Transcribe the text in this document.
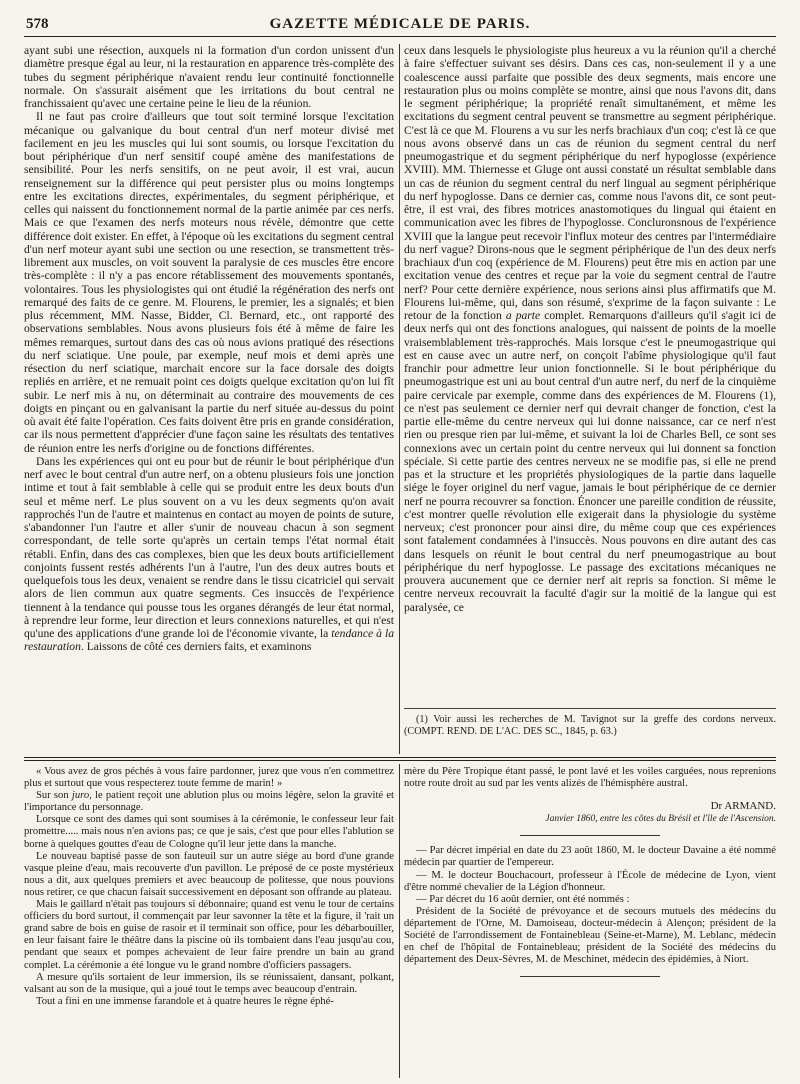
578	GAZETTE MÉDICALE DE PARIS.

ayant subi une résection, auxquels ni la formation d'un cordon unissent d'un diamètre presque égal au leur, ni la restauration en apparence très-complète des tubes du segment périphérique n'avaient rendu leur continuité fonctionnelle normale. On s'assurait aisément que les irritations du bout central ne franchissaient qu'avec une certaine peine le lieu de la réunion.

Il ne faut pas croire d'ailleurs que tout soit terminé lorsque l'excitation mécanique ou galvanique du bout central d'un nerf moteur divisé met facilement en jeu les muscles qui lui sont soumis, ou lorsque l'excitation du bout périphérique d'un nerf sensitif coupé amène des manifestations de sensibilité. Pour les nerfs sensitifs, on ne peut avoir, il est vrai, aucun renseignement sur la différence qui peut persister plus ou moins longtemps entre les excitations directes, expérimentales, du segment périphérique, et celles qui naissent du fonctionnement normal de la partie animée par ces nerfs. Mais ce que l'examen des nerfs moteurs nous révèle, démontre que cette différence doit exister. En effet, à l'époque où les excitations du segment central d'un nerf moteur ayant subi une section ou une resection, se transmettent très-librement aux muscles, on voit souvent la paralysie de ces muscles être encore très-complète : il n'y a pas encore rétablissement des mouvements spontanés, volontaires. Tous les physiologistes qui ont étudié la régénération des nerfs ont remarqué des faits de ce genre. M. Flourens, le premier, les a signalés; et bien plus récemment, MM. Nasse, Bidder, Cl. Bernard, etc., ont rapporté des observations semblables. Nous avons plusieurs fois été à même de faire les mêmes remarques, surtout dans des cas où nous avions pratiqué des résections du nerf sciatique. Une poule, par exemple, neuf mois et demi après une résection du nerf sciatique, marchait encore sur la face dorsale des doigts repliés en arrière, et ne remuait point ces doigts quelque excitation qu'on lui fît subir. Le nerf mis à nu, on déterminait au contraire des mouvements de ces doigts en pinçant ou en galvanisant la partie du nerf située au-dessus du point où avait été faite l'opération. Ces faits doivent être pris en grande considération, car ils nous permettent d'apprécier d'une façon saine les résultats des tentatives de réunion entre les nerfs d'origine ou de fonctions différentes.

Dans les expériences qui ont eu pour but de réunir le bout périphérique d'un nerf avec le bout central d'un autre nerf, on a obtenu plusieurs fois une jonction intime et tout à fait semblable à celle qui se produit entre les deux bouts d'un seul et même nerf. Le plus souvent on a vu les deux segments qu'on avait rapprochés l'un de l'autre et maintenus en contact au moyen de points de suture, s'abandonner l'un l'autre et aller s'unir de nouveau chacun à son segment correspondant, de telle sorte qu'après un certain temps l'état normal était rétabli. Enfin, dans des cas complexes, bien que les deux bouts artificiellement conjoints fussent restés adhérents l'un à l'autre, l'un des deux autres bouts et quelquefois tous les deux, venaient se rendre dans le tissu cicatriciel qui servait alors de lien commun aux quatre segments. Ces insuccès de l'expérience tiennent à la tendance qui pousse tous les organes dérangés de leur état normal, à reprendre leur forme, leur direction et leurs connexions naturelles, et qui n'est qu'une des applications d'une grande loi de l'économie vivante, la tendance à la restauration. Laissons de côté ces derniers faits, et examinons

ceux dans lesquels le physiologiste plus heureux a vu la réunion qu'il a cherché à faire s'effectuer suivant ses désirs. Dans ces cas, non-seulement il y a une coalescence aussi parfaite que possible des deux segments, mais encore une restauration plus ou moins complète se montre, ainsi que nous l'avons dit, dans le segment périphérique; la propriété renaît simultanément, et même les excitations du segment central peuvent se transmettre au segment périphérique. C'est là ce que M. Flourens a vu sur les nerfs brachiaux d'un coq; c'est là ce que nous avons observé dans un cas de réunion du segment central du nerf pneumogastrique et du segment périphérique du nerf hypoglosse (expérience XVIII). MM. Thiernesse et Gluge ont aussi constaté un résultat semblable dans un cas de réunion du segment central du nerf lingual au segment périphérique du nerf hypoglosse. Dans ce dernier cas, comme nous l'avons dit, ce sont peut-être, il est vrai, des fibres motrices anastomotiques du lingual qui étaient en communication avec les fibres de l'hypoglosse. Concluronsnous de l'expérience XVIII que la langue peut recevoir l'influx moteur des centres par l'intermédiaire du nerf vague? Dirons-nous que le segment périphérique de l'un des deux nerfs brachiaux d'un coq (expérience de M. Flourens) peut être mis en action par une excitation venue des centres et reçue par la voie du segment central de l'autre nerf? Pour cette dernière expérience, nous serions ainsi plus affirmatifs que M. Flourens lui-même, qui, dans son résumé, s'exprime de la façon suivante : Le retour de la fonction a parte complet. Remarquons d'ailleurs qu'il s'agit ici de deux nerfs qui ont des fonctions analogues, qui naissent de points de la moelle vraisemblablement très-rapprochés. Mais lorsque c'est le pneumogastrique qui est en cause avec un autre nerf, on conçoit l'abîme physiologique qu'il faut franchir pour admettre leur union fonctionnelle. Si le bout périphérique du pneumogastrique est uni au bout central d'un autre nerf, du nerf de la cinquième paire cervicale par exemple, comme dans des expériences de M. Flourens (1), ce n'est pas seulement ce dernier nerf qui devrait changer de fonction, c'est la partie elle-même du centre nerveux qui lui donne naissance, car ce nerf n'est rien ou presque rien par lui-même, et suivant la loi de Charles Bell, ce sont ses connexions avec un certain point du centre nerveux qui lui donnent sa fonction spéciale. Si cette partie des centres nerveux ne se modifie pas, si elle ne prend pas et la structure et les propriétés physiologiques de la partie dans laquelle siége le foyer originel du nerf vague, jamais le bout périphérique de ce dernier nerf ne pourra recouvrer sa fonction. Énoncer une pareille condition de réussite, c'est montrer quelle révolution elle exigerait dans la physiologie du système nerveux; c'est prononcer pour ainsi dire, du même coup que ces expériences sont fatalement condamnées à l'insuccès. Nous pouvons en dire autant des cas dans lesquels on réunit le bout central du nerf pneumogastrique au bout périphérique du nerf hypoglosse. Le passage des excitations mécaniques ne prouvera aucunement que ce dernier nerf ait repris sa fonction. Si même le centre nerveux recouvrait la faculté d'agir sur la moitié de la langue qui est paralysée, ce

(1) Voir aussi les recherches de M. Tavignot sur la greffe des cordons nerveux. (COMPT. REND. DE L'AC. DES SC., 1845, p. 63.)

« Vous avez de gros péchés à vous faire pardonner, jurez que vous n'en commettrez plus et surtout que vous respecterez toute femme de marin! »

Sur son juro, le patient reçoit une ablution plus ou moins légère, selon la gravité et l'importance du personnage.

Lorsque ce sont des dames qui sont soumises à la cérémonie, le confesseur leur fait promettre..... mais nous n'en avions pas; ce que je sais, c'est que pour elles l'ablution se borne à quelques gouttes d'eau de Cologne qu'il leur jette dans la manche.

Le nouveau baptisé passe de son fauteuil sur un autre siége au bord d'une grande vasque pleine d'eau, mais recouverte d'un pavillon. Le préposé de ce poste mystérieux nous a dit, aux quelques premiers et avec beaucoup de politesse, que nous pouvions nous retirer, ce que chacun faisait successivement en déposant son offrande au plateau.

Mais le gaillard n'était pas toujours si débonnaire; quand est venu le tour de certains officiers du bord surtout, il commençait par leur savonner la tête et la figure, il 'rait un grand sabre de bois en guise de rasoir et il terminait son office, pour les débarbouiller, en leur faisant faire le théâtre dans la piscine où ils tombaient dans l'eau jusqu'au cou, pendant que seaux et pompes achevaient de leur faire prendre un bain au grand complet. La cérémonie a été longue vu le grand nombre d'officiers passagers.

A mesure qu'ils sortaient de leur immersion, ils se réunissaient, dansant, polkant, valsant au son de la musique, qui a joué tout le temps avec beaucoup d'entrain.

Tout a fini en une immense farandole et à quatre heures le règne éphé-

mère du Père Tropique étant passé, le pont lavé et les voiles carguées, nous reprenions notre route droit au sud par les vents alizés de l'hémisphère austral.

Dr ARMAND.
Janvier 1860, entre les côtes du Brésil et l'île de l'Ascension.

— Par décret impérial en date du 23 août 1860, M. le docteur Davaine a été nommé médecin par quartier de l'empereur.

— M. le docteur Bouchacourt, professeur à l'École de médecine de Lyon, vient d'être nommé chevalier de la Légion d'honneur.

— Par décret du 16 août dernier, ont été nommés :

Président de la Société de prévoyance et de secours mutuels des médecins du département de l'Orne, M. Damoiseau, docteur-médecin à Alençon; président de la Société de l'arrondissement de Fontainebleau (Seine-et-Marne), M. Leblanc, médecin en chef de l'hôpital de Fontainebleau; président de la Société des médecins du département des Deux-Sèvres, M. de Meschinet, médecin des épidémies, à Niort.
